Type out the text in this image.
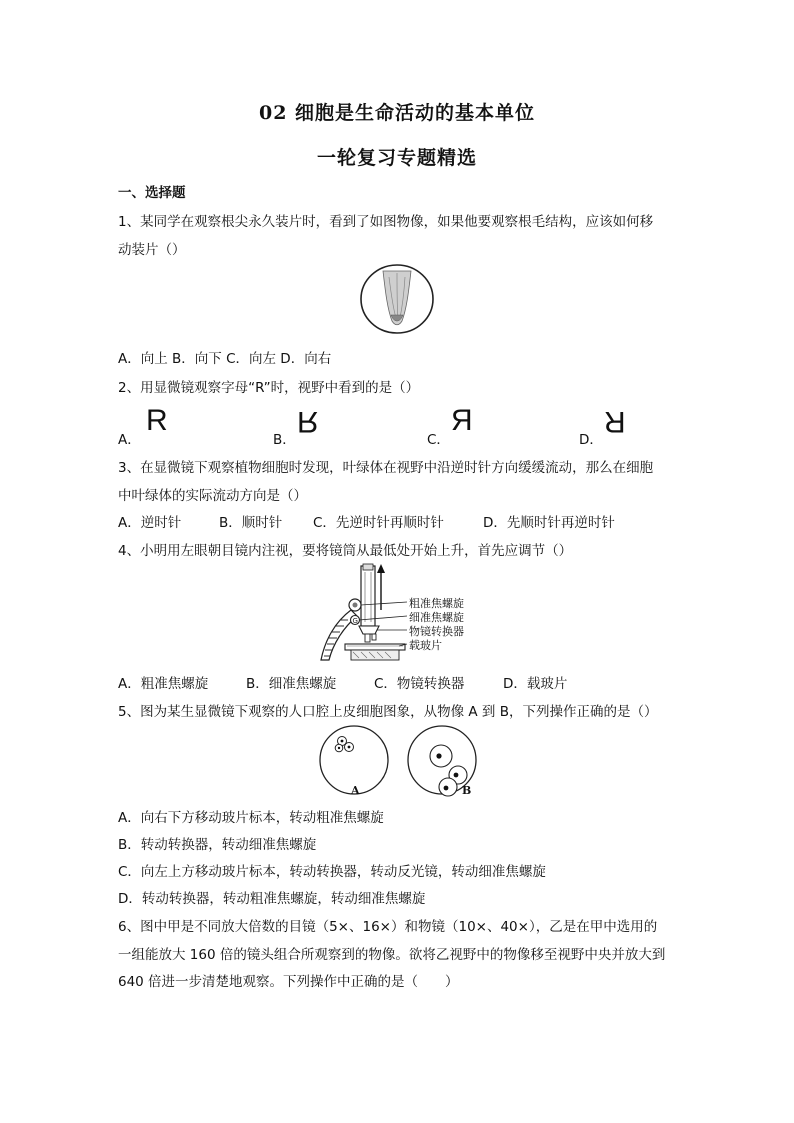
02 细胞是生命活动的基本单位
一轮复习专题精选
一、选择题
1、某同学在观察根尖永久装片时，看到了如图物像，如果他要观察根毛结构，应该如何移
动装片（）
A．向上 B．向下 C．向左 D．向右
2、用显微镜观察字母“R”时，视野中看到的是（）
A．
R
B．
R
C．
R
D．
R
3、在显微镜下观察植物细胞时发现，叶绿体在视野中沿逆时针方向缓缓流动，那么在细胞
中叶绿体的实际流动方向是（）
A．逆时针	B．顺时针 C．先逆时针再顺时针	D．先顺时针再逆时针
4、小明用左眼朝目镜内注视，要将镜筒从最低处开始上升，首先应调节（）
G
粗准焦螺旋
细准焦螺旋
物镜转换器
载玻片
A．粗准焦螺旋	B．细准焦螺旋	C．物镜转换器	D．载玻片
5、图为某生显微镜下观察的人口腔上皮细胞图象，从物像 A 到 B，下列操作正确的是（）
A	B
A．向右下方移动玻片标本，转动粗准焦螺旋
B．转动转换器，转动细准焦螺旋
C．向左上方移动玻片标本，转动转换器，转动反光镜，转动细准焦螺旋
D．转动转换器，转动粗准焦螺旋，转动细准焦螺旋
6、图中甲是不同放大倍数的目镜（5×、16×）和物镜（10×、40×），乙是在甲中选用的
一组能放大 160 倍的镜头组合所观察到的物像。欲将乙视野中的物像移至视野中央并放大到
640 倍进一步清楚地观察。下列操作中正确的是（　　）
